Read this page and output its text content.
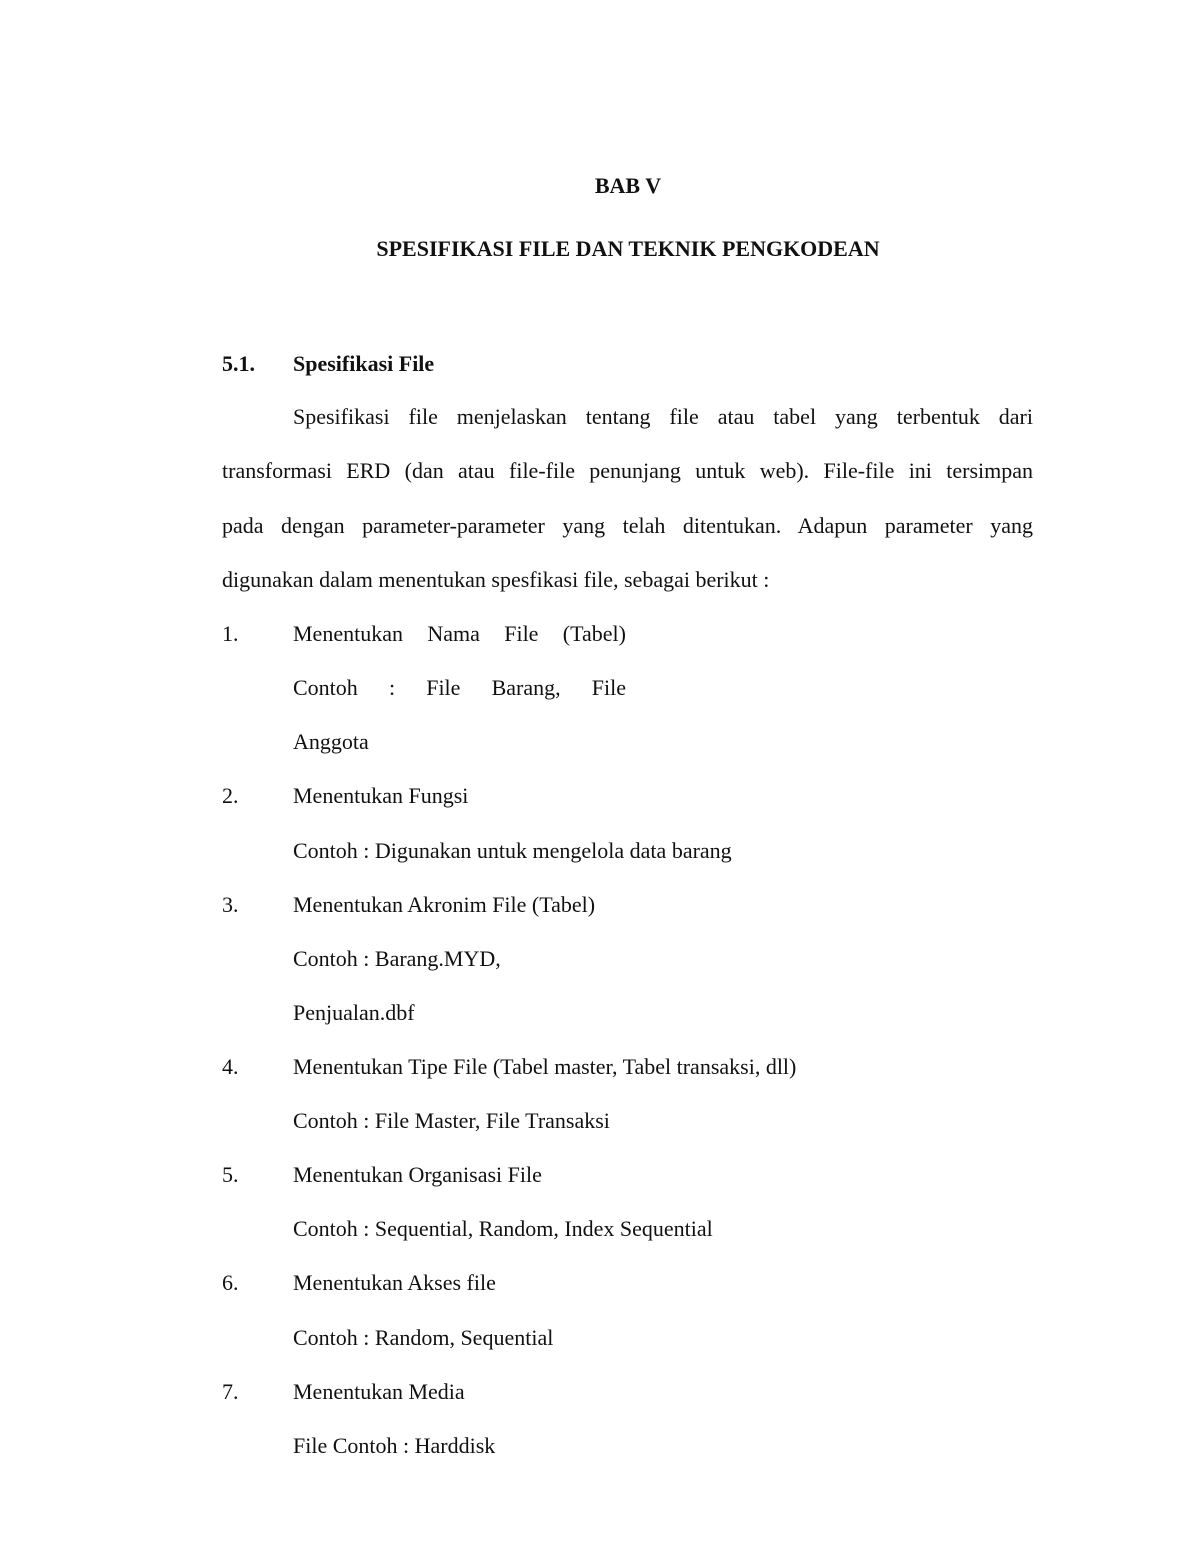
BAB V
SPESIFIKASI FILE DAN TEKNIK PENGKODEAN
5.1. Spesifikasi File
Spesifikasi file menjelaskan tentang file atau tabel yang terbentuk dari
transformasi ERD (dan atau file-file penunjang untuk web). File-file ini tersimpan
pada dengan parameter-parameter yang telah ditentukan. Adapun parameter yang
digunakan dalam menentukan spesfikasi file, sebagai berikut :
1. Menentukan Nama File (Tabel)
Contoh : File Barang, File
Anggota
2. Menentukan Fungsi
Contoh : Digunakan untuk mengelola data barang
3. Menentukan Akronim File (Tabel)
Contoh : Barang.MYD,
Penjualan.dbf
4. Menentukan Tipe File (Tabel master, Tabel transaksi, dll)
Contoh : File Master, File Transaksi
5. Menentukan Organisasi File
Contoh : Sequential, Random, Index Sequential
6. Menentukan Akses file
Contoh : Random, Sequential
7. Menentukan Media
File Contoh : Harddisk
